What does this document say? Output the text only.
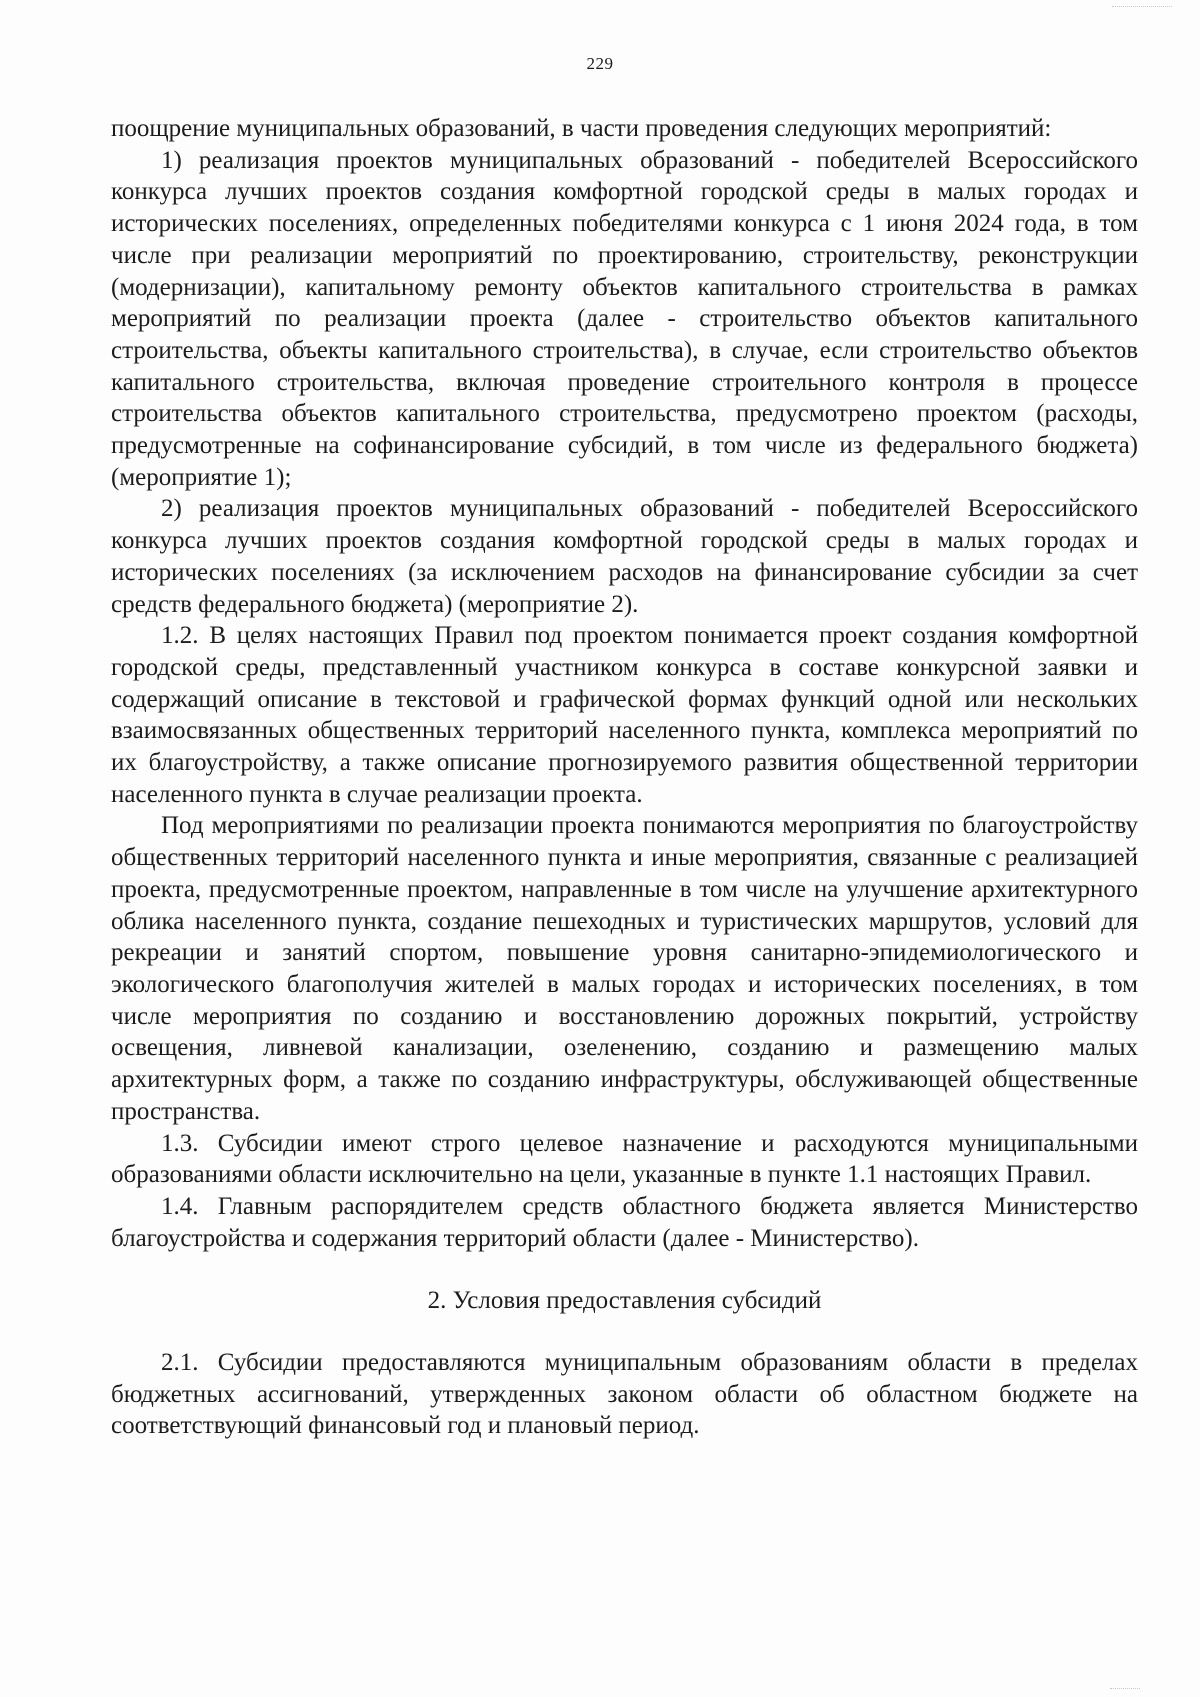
229

поощрение муниципальных образований, в части проведения следующих мероприятий:

1) реализация проектов муниципальных образований - победителей Всероссийского конкурса лучших проектов создания комфортной городской среды в малых городах и исторических поселениях, определенных победителями конкурса с 1 июня 2024 года, в том числе при реализации мероприятий по проектированию, строительству, реконструкции (модернизации), капитальному ремонту объектов капитального строительства в рамках мероприятий по реализации проекта (далее - строительство объектов капитального строительства, объекты капитального строительства), в случае, если строительство объектов капитального строительства, включая проведение строительного контроля в процессе строительства объектов капитального строительства, предусмотрено проектом (расходы, предусмотренные на софинансирование субсидий, в том числе из федерального бюджета) (мероприятие 1);

2) реализация проектов муниципальных образований - победителей Всероссийского конкурса лучших проектов создания комфортной городской среды в малых городах и исторических поселениях (за исключением расходов на финансирование субсидии за счет средств федерального бюджета) (мероприятие 2).

1.2. В целях настоящих Правил под проектом понимается проект создания комфортной городской среды, представленный участником конкурса в составе конкурсной заявки и содержащий описание в текстовой и графической формах функций одной или нескольких взаимосвязанных общественных территорий населенного пункта, комплекса мероприятий по их благоустройству, а также описание прогнозируемого развития общественной территории населенного пункта в случае реализации проекта.

Под мероприятиями по реализации проекта понимаются мероприятия по благоустройству общественных территорий населенного пункта и иные мероприятия, связанные с реализацией проекта, предусмотренные проектом, направленные в том числе на улучшение архитектурного облика населенного пункта, создание пешеходных и туристических маршрутов, условий для рекреации и занятий спортом, повышение уровня санитарно-эпидемиологического и экологического благополучия жителей в малых городах и исторических поселениях, в том числе мероприятия по созданию и восстановлению дорожных покрытий, устройству освещения, ливневой канализации, озеленению, созданию и размещению малых архитектурных форм, а также по созданию инфраструктуры, обслуживающей общественные пространства.

1.3. Субсидии имеют строго целевое назначение и расходуются муниципальными образованиями области исключительно на цели, указанные в пункте 1.1 настоящих Правил.

1.4. Главным распорядителем средств областного бюджета является Министерство благоустройства и содержания территорий области (далее - Министерство).

2. Условия предоставления субсидий

2.1. Субсидии предоставляются муниципальным образованиям области в пределах бюджетных ассигнований, утвержденных законом области об областном бюджете на соответствующий финансовый год и плановый период.
